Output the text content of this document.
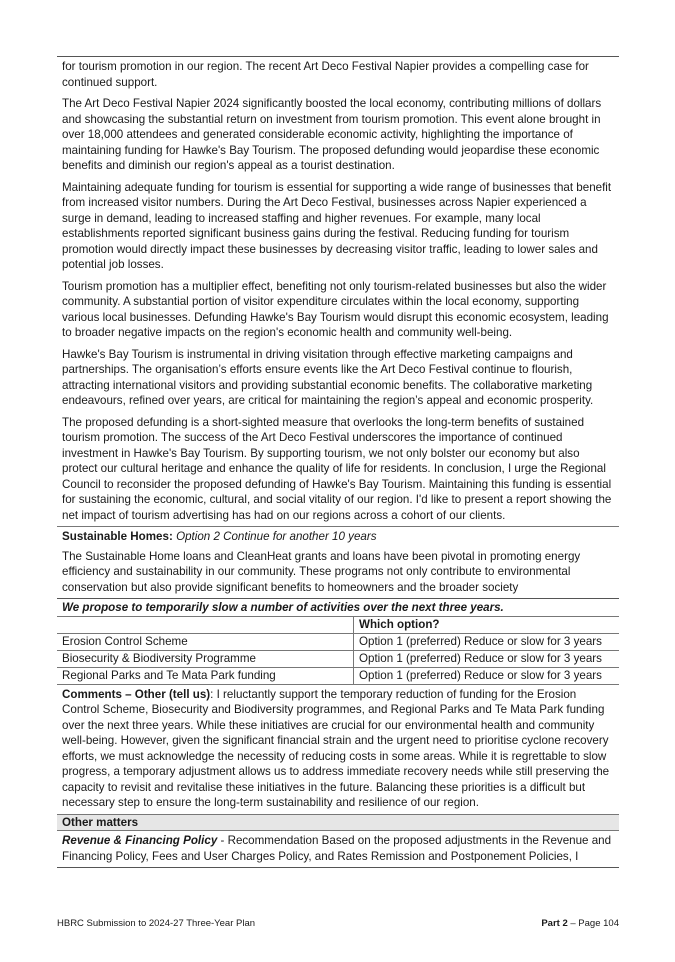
for tourism promotion in our region. The recent Art Deco Festival Napier provides a compelling case for continued support.

The Art Deco Festival Napier 2024 significantly boosted the local economy, contributing millions of dollars and showcasing the substantial return on investment from tourism promotion. This event alone brought in over 18,000 attendees and generated considerable economic activity, highlighting the importance of maintaining funding for Hawke's Bay Tourism. The proposed defunding would jeopardise these economic benefits and diminish our region's appeal as a tourist destination.

Maintaining adequate funding for tourism is essential for supporting a wide range of businesses that benefit from increased visitor numbers. During the Art Deco Festival, businesses across Napier experienced a surge in demand, leading to increased staffing and higher revenues. For example, many local establishments reported significant business gains during the festival. Reducing funding for tourism promotion would directly impact these businesses by decreasing visitor traffic, leading to lower sales and potential job losses.

Tourism promotion has a multiplier effect, benefiting not only tourism-related businesses but also the wider community. A substantial portion of visitor expenditure circulates within the local economy, supporting various local businesses. Defunding Hawke's Bay Tourism would disrupt this economic ecosystem, leading to broader negative impacts on the region's economic health and community well-being.

Hawke's Bay Tourism is instrumental in driving visitation through effective marketing campaigns and partnerships. The organisation’s efforts ensure events like the Art Deco Festival continue to flourish, attracting international visitors and providing substantial economic benefits. The collaborative marketing endeavours, refined over years, are critical for maintaining the region’s appeal and economic prosperity.

The proposed defunding is a short-sighted measure that overlooks the long-term benefits of sustained tourism promotion. The success of the Art Deco Festival underscores the importance of continued investment in Hawke's Bay Tourism. By supporting tourism, we not only bolster our economy but also protect our cultural heritage and enhance the quality of life for residents. In conclusion, I urge the Regional Council to reconsider the proposed defunding of Hawke's Bay Tourism. Maintaining this funding is essential for sustaining the economic, cultural, and social vitality of our region. I'd like to present a report showing the net impact of tourism advertising has had on our regions across a cohort of our clients.

Sustainable Homes: Option 2 Continue for another 10 years

The Sustainable Home loans and CleanHeat grants and loans have been pivotal in promoting energy efficiency and sustainability in our community. These programs not only contribute to environmental conservation but also provide significant benefits to homeowners and the broader society

We propose to temporarily slow a number of activities over the next three years.
	Which option?
Erosion Control Scheme	Option 1 (preferred) Reduce or slow for 3 years
Biosecurity & Biodiversity Programme	Option 1 (preferred) Reduce or slow for 3 years
Regional Parks and Te Mata Park funding	Option 1 (preferred) Reduce or slow for 3 years

Comments – Other (tell us): I reluctantly support the temporary reduction of funding for the Erosion Control Scheme, Biosecurity and Biodiversity programmes, and Regional Parks and Te Mata Park funding over the next three years. While these initiatives are crucial for our environmental health and community well-being. However, given the significant financial strain and the urgent need to prioritise cyclone recovery efforts, we must acknowledge the necessity of reducing costs in some areas. While it is regrettable to slow progress, a temporary adjustment allows us to address immediate recovery needs while still preserving the capacity to revisit and revitalise these initiatives in the future. Balancing these priorities is a difficult but necessary step to ensure the long-term sustainability and resilience of our region.

Other matters

Revenue & Financing Policy - Recommendation Based on the proposed adjustments in the Revenue and Financing Policy, Fees and User Charges Policy, and Rates Remission and Postponement Policies, I

HBRC Submission to 2024-27 Three-Year Plan	Part 2 – Page 104
